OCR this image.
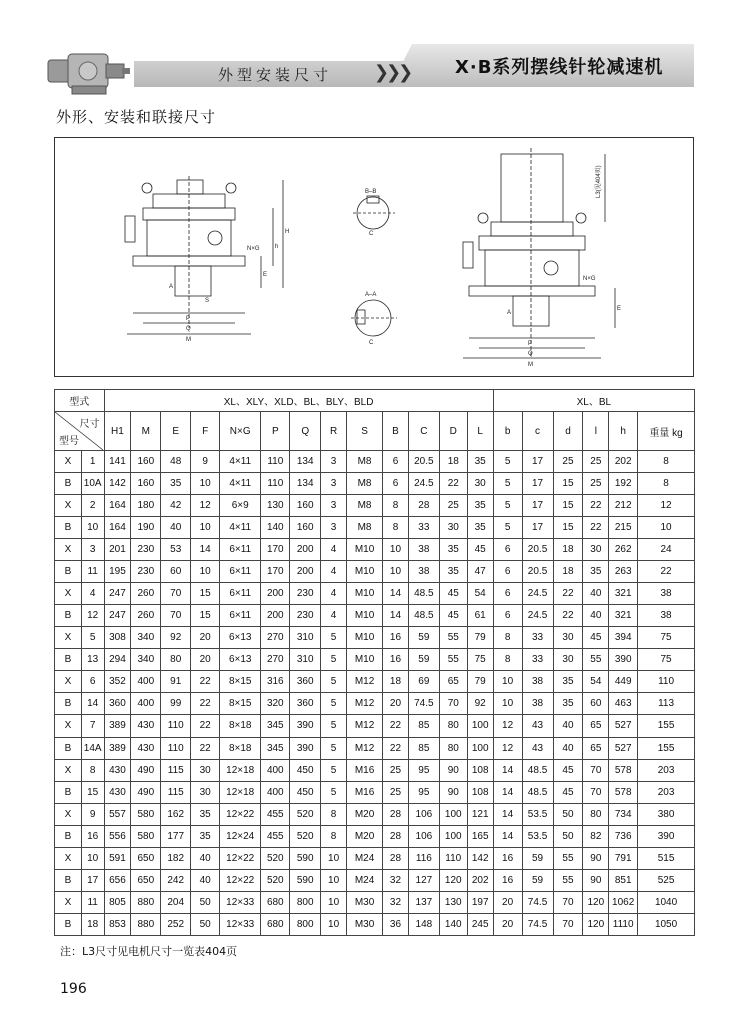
外型安装尺寸 ❯❯❯ X·B系列摆线针轮减速机
外形、安装和联接尺寸
L3(见404页)
B–B
A–A
P
Q
M
H
h
E
N×G
A
S
P
Q
M
E
N×G
A
C
C
型式		XL、XLY、XLD、BL、BLY、BLD													XL、BL					

尺寸
型号		H1	M	E	F	N×G	P	Q	R	S	B	C	D	L	b	c	d	l	h	重量 kg
X	1	141	160	48	9	4×11	110	134	3	M8	6	20.5	18	35	5	17	25	25	202	8
B	10A	142	160	35	10	4×11	110	134	3	M8	6	24.5	22	30	5	17	15	25	192	8
X	2	164	180	42	12	6×9	130	160	3	M8	8	28	25	35	5	17	15	22	212	12
B	10	164	190	40	10	4×11	140	160	3	M8	8	33	30	35	5	17	15	22	215	10
X	3	201	230	53	14	6×11	170	200	4	M10	10	38	35	45	6	20.5	18	30	262	24
B	11	195	230	60	10	6×11	170	200	4	M10	10	38	35	47	6	20.5	18	35	263	22
X	4	247	260	70	15	6×11	200	230	4	M10	14	48.5	45	54	6	24.5	22	40	321	38
B	12	247	260	70	15	6×11	200	230	4	M10	14	48.5	45	61	6	24.5	22	40	321	38
X	5	308	340	92	20	6×13	270	310	5	M10	16	59	55	79	8	33	30	45	394	75
B	13	294	340	80	20	6×13	270	310	5	M10	16	59	55	75	8	33	30	55	390	75
X	6	352	400	91	22	8×15	316	360	5	M12	18	69	65	79	10	38	35	54	449	110
B	14	360	400	99	22	8×15	320	360	5	M12	20	74.5	70	92	10	38	35	60	463	113
X	7	389	430	110	22	8×18	345	390	5	M12	22	85	80	100	12	43	40	65	527	155
B	14A	389	430	110	22	8×18	345	390	5	M12	22	85	80	100	12	43	40	65	527	155
X	8	430	490	115	30	12×18	400	450	5	M16	25	95	90	108	14	48.5	45	70	578	203
B	15	430	490	115	30	12×18	400	450	5	M16	25	95	90	108	14	48.5	45	70	578	203
X	9	557	580	162	35	12×22	455	520	8	M20	28	106	100	121	14	53.5	50	80	734	380
B	16	556	580	177	35	12×24	455	520	8	M20	28	106	100	165	14	53.5	50	82	736	390
X	10	591	650	182	40	12×22	520	590	10	M24	28	116	110	142	16	59	55	90	791	515
B	17	656	650	242	40	12×22	520	590	10	M24	32	127	120	202	16	59	55	90	851	525
X	11	805	880	204	50	12×33	680	800	10	M30	32	137	130	197	20	74.5	70	120	1062	1040
B	18	853	880	252	50	12×33	680	800	10	M30	36	148	140	245	20	74.5	70	120	1110	1050
注：L3尺寸见电机尺寸一览表404页
196
